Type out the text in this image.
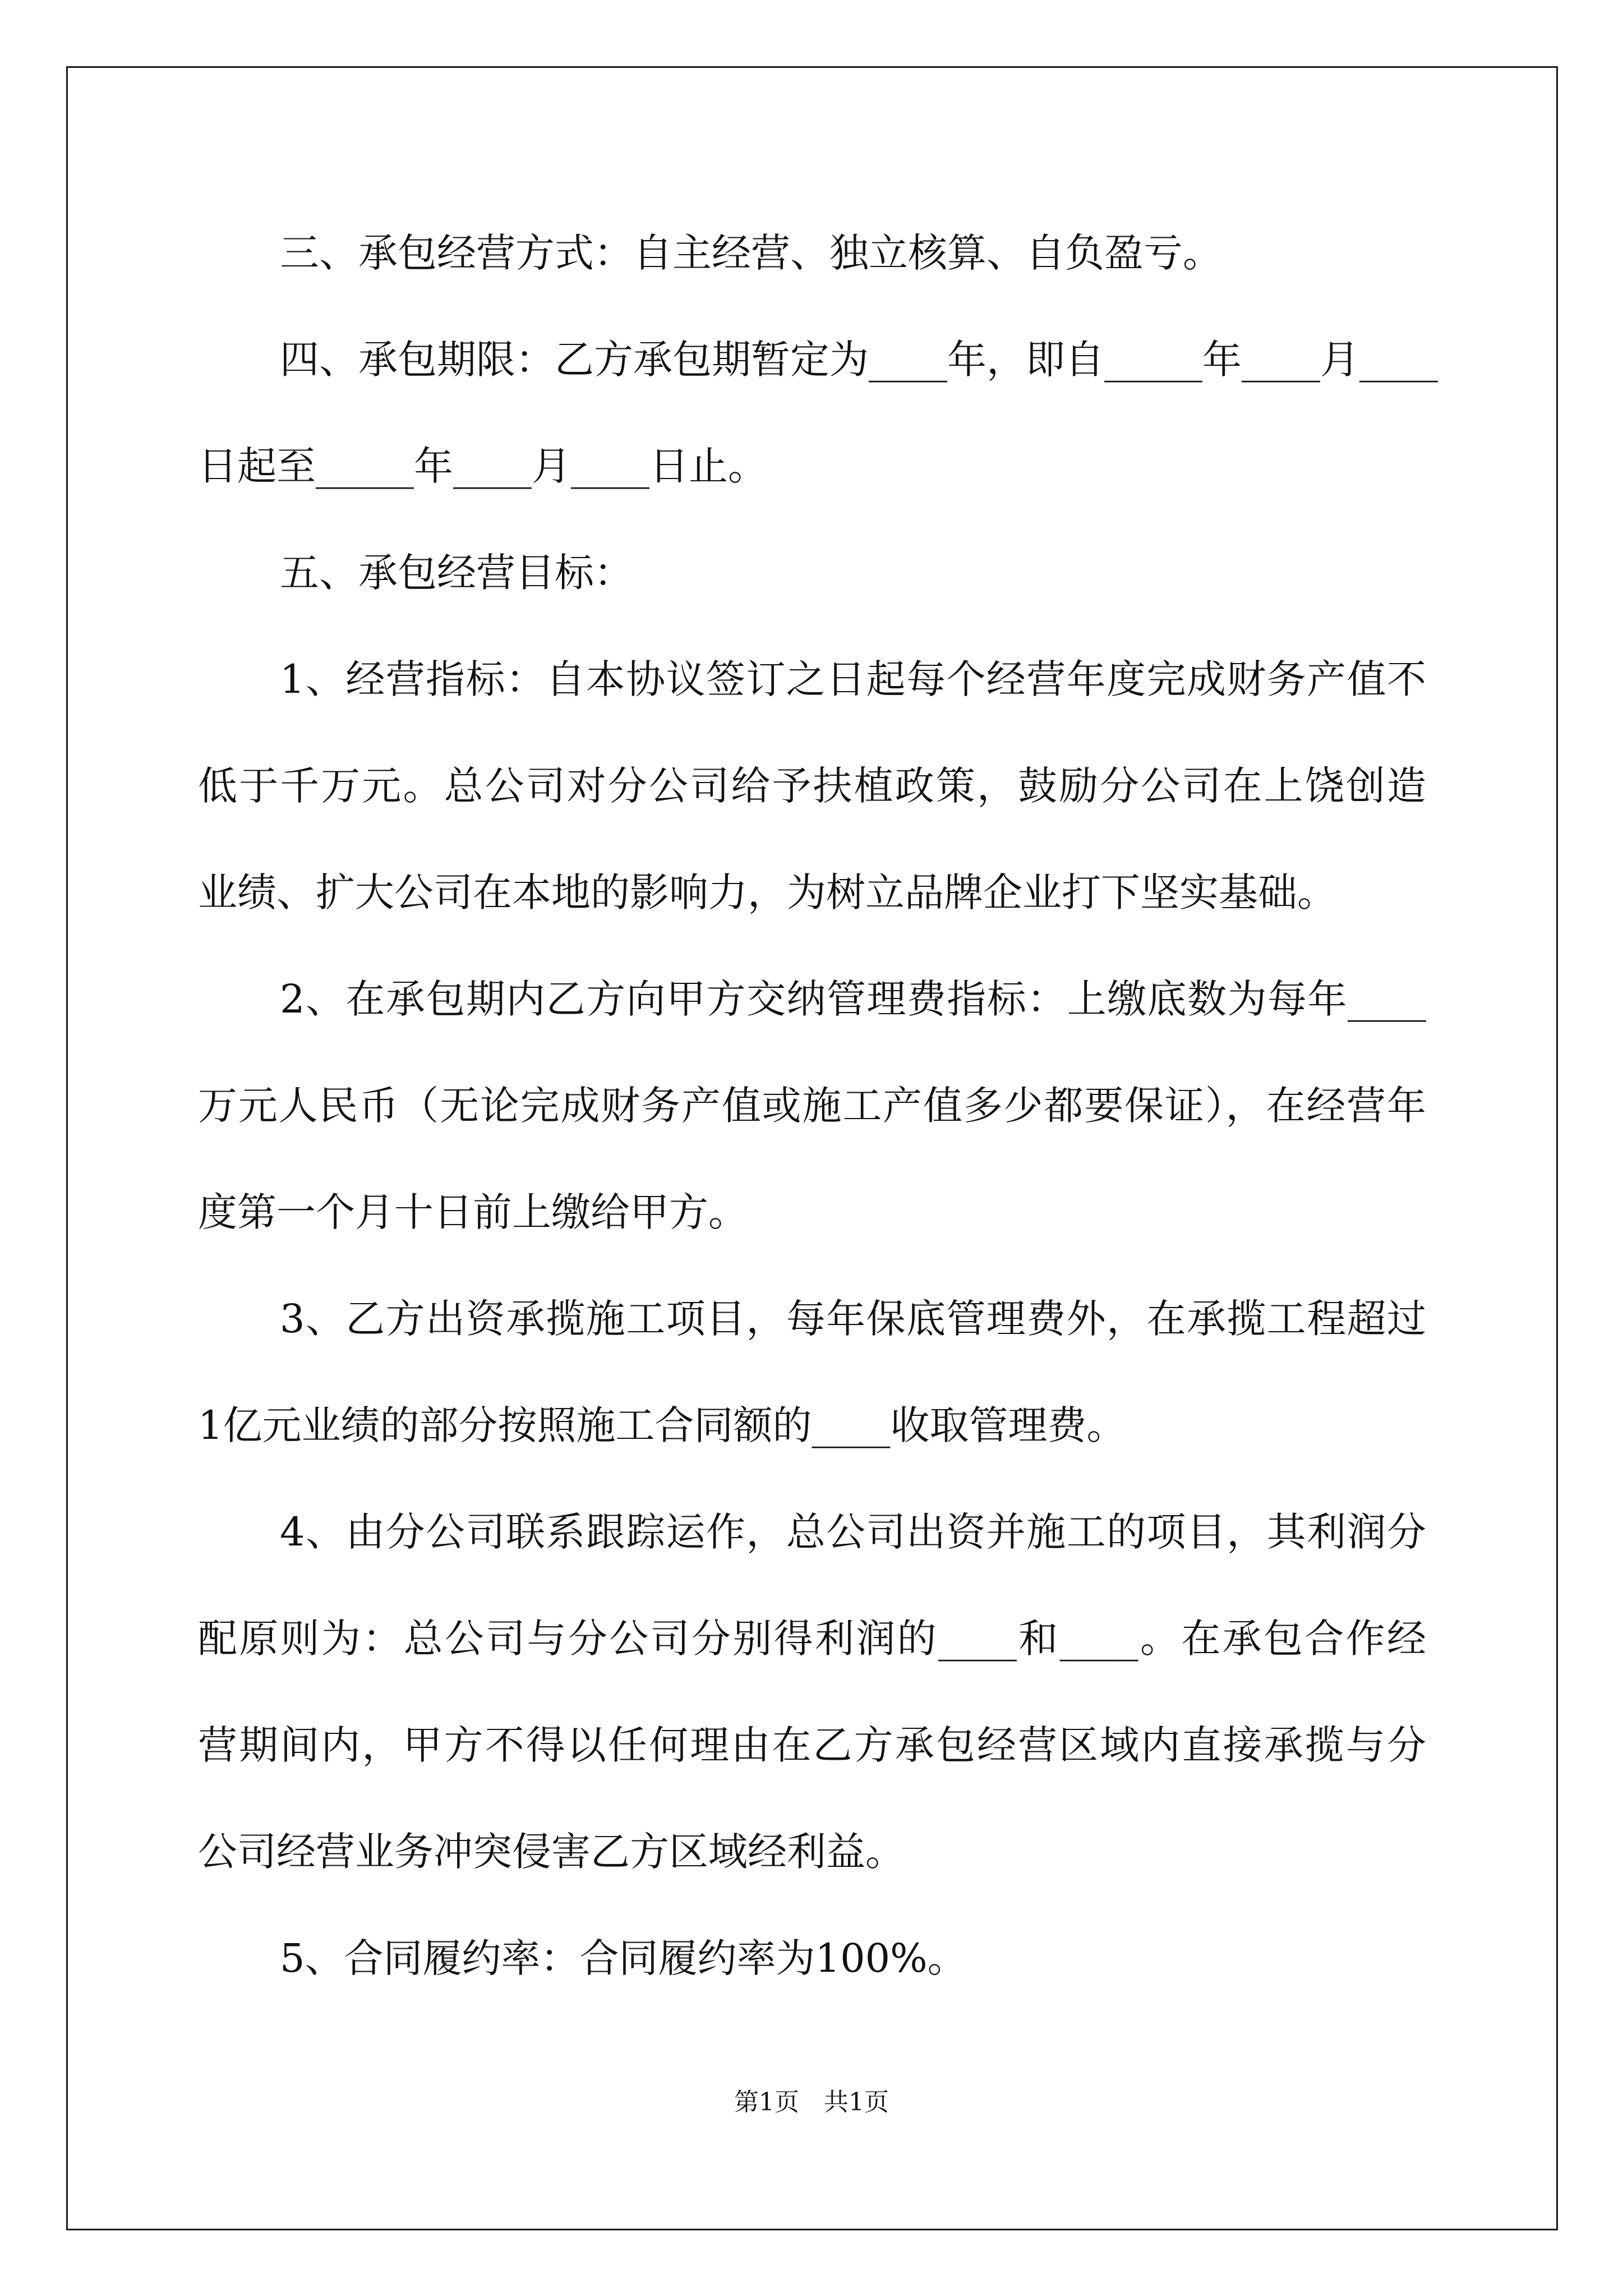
三、承包经营方式：自主经营、独立核算、自负盈亏。
四、承包期限：乙方承包期暂定为____年，即自_____年____月____
日起至_____年____月____日止。
五、承包经营目标：
1、经营指标：自本协议签订之日起每个经营年度完成财务产值不
低于千万元。总公司对分公司给予扶植政策，鼓励分公司在上饶创造
业绩、扩大公司在本地的影响力，为树立品牌企业打下坚实基础。
2、在承包期内乙方向甲方交纳管理费指标：上缴底数为每年____
万元人民币（无论完成财务产值或施工产值多少都要保证），在经营年
度第一个月十日前上缴给甲方。
3、乙方出资承揽施工项目，每年保底管理费外，在承揽工程超过
1亿元业绩的部分按照施工合同额的____收取管理费。
4、由分公司联系跟踪运作，总公司出资并施工的项目，其利润分
配原则为：总公司与分公司分别得利润的____和____。在承包合作经
营期间内，甲方不得以任何理由在乙方承包经营区域内直接承揽与分
公司经营业务冲突侵害乙方区域经利益。
5、合同履约率：合同履约率为100%。
第1页　共1页
